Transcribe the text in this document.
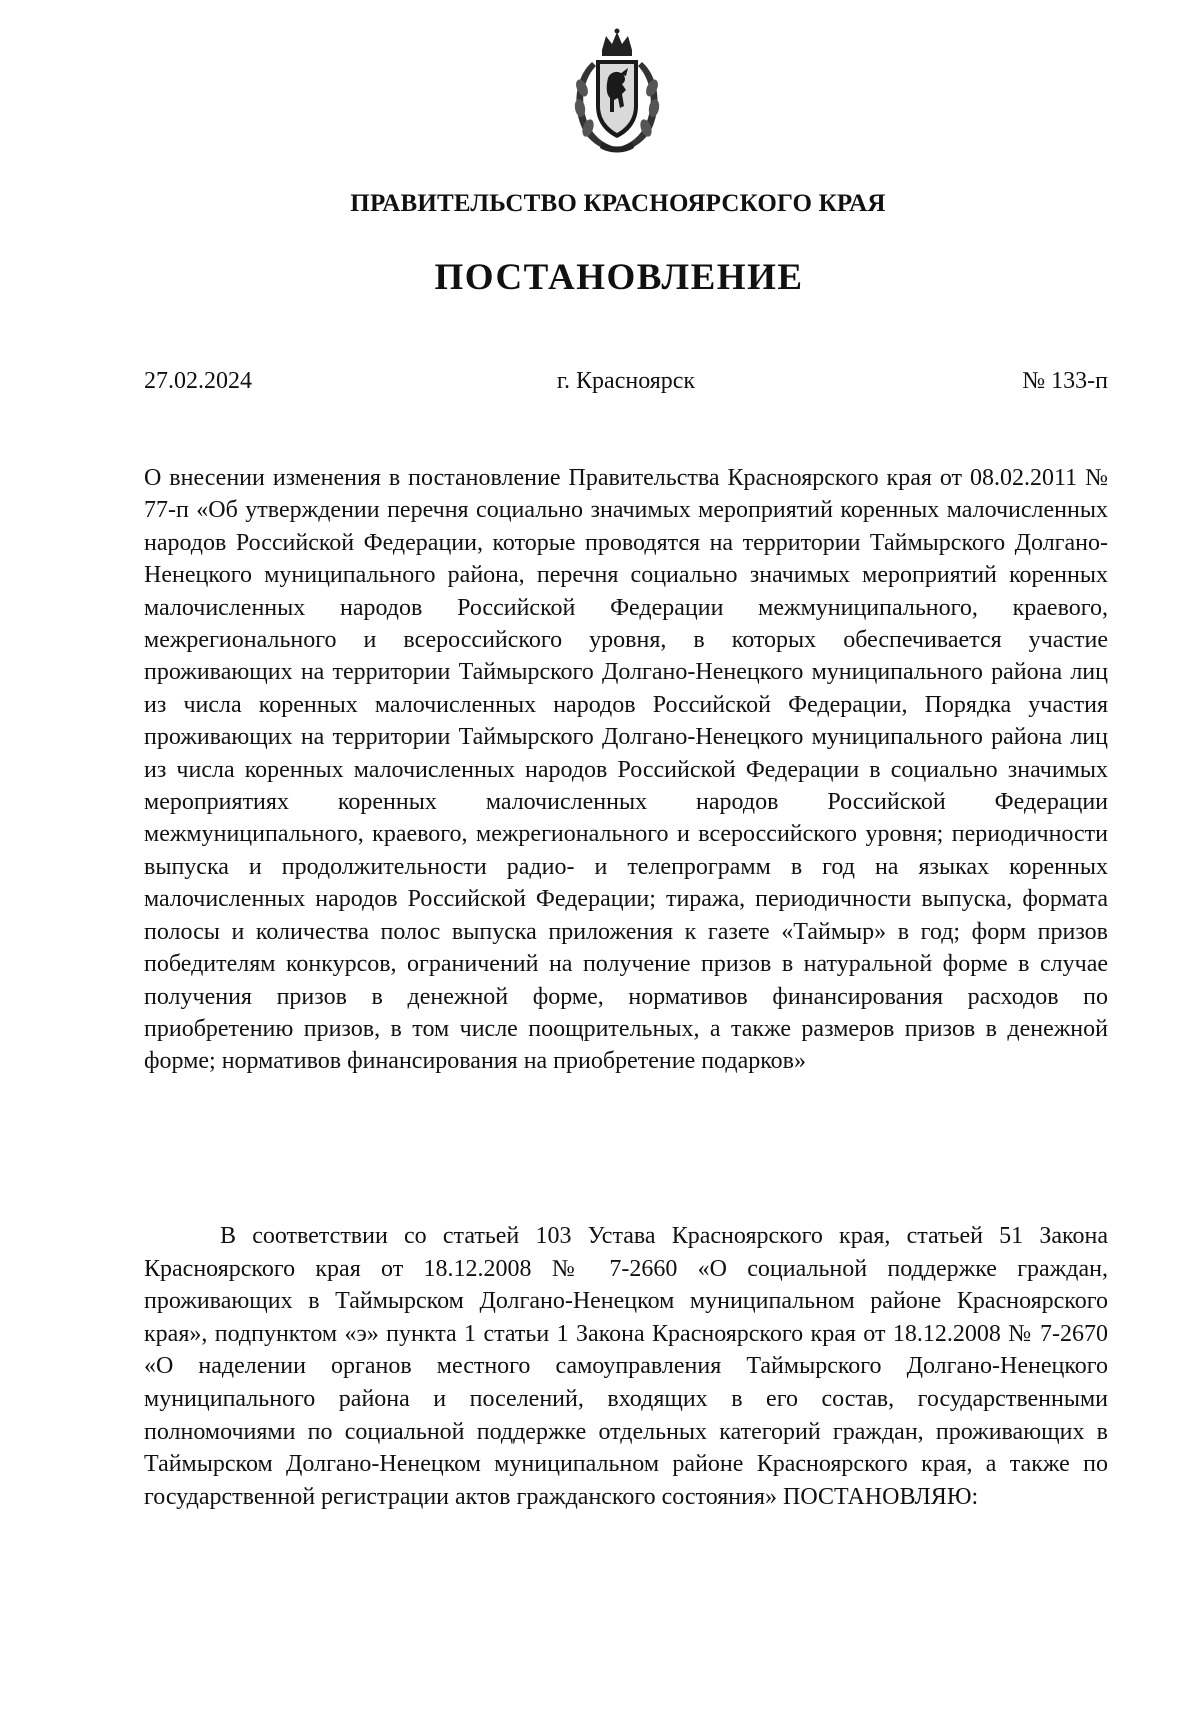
ПРАВИТЕЛЬСТВО КРАСНОЯРСКОГО КРАЯ
ПОСТАНОВЛЕНИЕ
27.02.2024	г. Красноярск	№ 133-п

О внесении изменения в постановление Правительства Красноярского края от 08.02.2011 № 77-п «Об утверждении перечня социально значимых мероприятий коренных малочисленных народов Российской Федерации, которые проводятся на территории Таймырского Долгано-Ненецкого муниципального района, перечня социально значимых мероприятий коренных малочисленных народов Российской Федерации межмуниципального, краевого, межрегионального и всероссийского уровня, в которых обеспечивается участие проживающих на территории Таймырского Долгано-Ненецкого муниципального района лиц из числа коренных малочисленных народов Российской Федерации, Порядка участия проживающих на территории Таймырского Долгано-Ненецкого муниципального района лиц из числа коренных малочисленных народов Российской Федерации в социально значимых мероприятиях коренных малочисленных народов Российской Федерации межмуниципального, краевого, межрегионального и всероссийского уровня; периодичности выпуска и продолжительности радио- и телепрограмм в год на языках коренных малочисленных народов Российской Федерации; тиража, периодичности выпуска, формата полосы и количества полос выпуска приложения к газете «Таймыр» в год; форм призов победителям конкурсов, ограничений на получение призов в натуральной форме в случае получения призов в денежной форме, нормативов финансирования расходов по приобретению призов, в том числе поощрительных, а также размеров призов в денежной форме; нормативов финансирования на приобретение подарков»

В соответствии со статьей 103 Устава Красноярского края, статьей 51 Закона Красноярского края от 18.12.2008 № 7-2660 «О социальной поддержке граждан, проживающих в Таймырском Долгано-Ненецком муниципальном районе Красноярского края», подпунктом «э» пункта 1 статьи 1 Закона Красноярского края от 18.12.2008 № 7-2670 «О наделении органов местного самоуправления Таймырского Долгано-Ненецкого муниципального района и поселений, входящих в его состав, государственными полномочиями по социальной поддержке отдельных категорий граждан, проживающих в Таймырском Долгано-Ненецком муниципальном районе Красноярского края, а также по государственной регистрации актов гражданского состояния» ПОСТАНОВЛЯЮ:
